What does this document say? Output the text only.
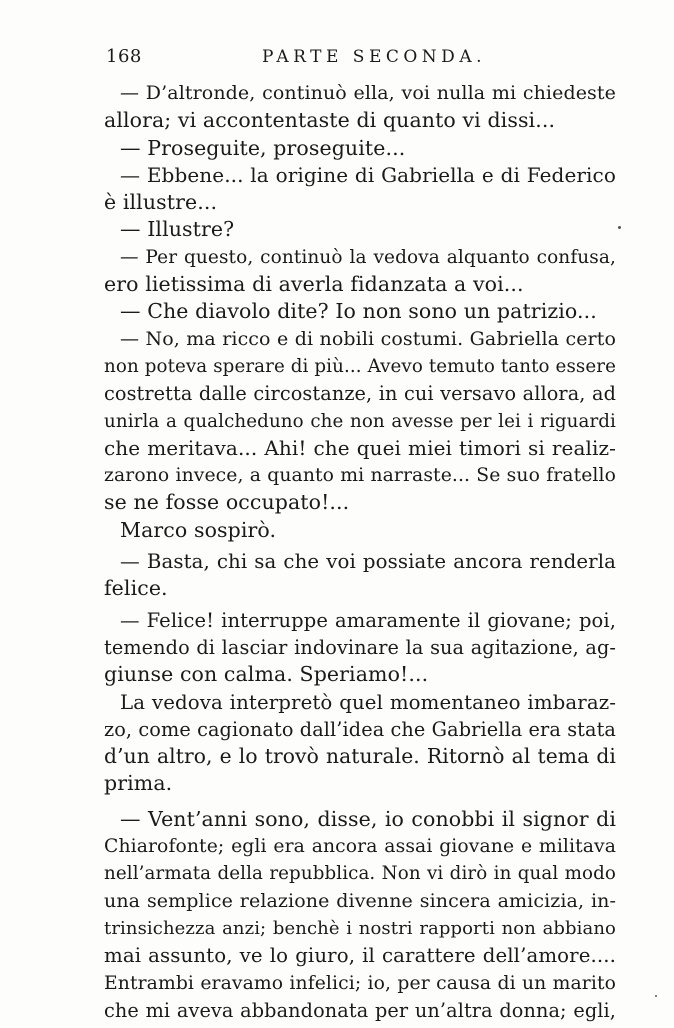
168	PARTE SECONDA.
— D’altronde, continuò ella, voi nulla mi chiedeste
allora; vi accontentaste di quanto vi dissi...
— Proseguite, proseguite...
— Ebbene... la origine di Gabriella e di Federico
è illustre...
— Illustre?
— Per questo, continuò la vedova alquanto confusa,
ero lietissima di averla fidanzata a voi...
— Che diavolo dite? Io non sono un patrizio...
— No, ma ricco e di nobili costumi. Gabriella certo
non poteva sperare di più... Avevo temuto tanto essere
costretta dalle circostanze, in cui versavo allora, ad
unirla a qualcheduno che non avesse per lei i riguardi
che meritava... Ahi! che quei miei timori si realiz-
zarono invece, a quanto mi narraste... Se suo fratello
se ne fosse occupato!...
Marco sospirò.
— Basta, chi sa che voi possiate ancora renderla
felice.
— Felice! interruppe amaramente il giovane; poi,
temendo di lasciar indovinare la sua agitazione, ag-
giunse con calma. Speriamo!...
La vedova interpretò quel momentaneo imbaraz-
zo, come cagionato dall’idea che Gabriella era stata
d’un altro, e lo trovò naturale. Ritornò al tema di
prima.
— Vent’anni sono, disse, io conobbi il signor di
Chiarofonte; egli era ancora assai giovane e militava
nell’armata della repubblica. Non vi dirò in qual modo
una semplice relazione divenne sincera amicizia, in-
trinsichezza anzi; benchè i nostri rapporti non abbiano
mai assunto, ve lo giuro, il carattere dell’amore....
Entrambi eravamo infelici; io, per causa di un marito
che mi aveva abbandonata per un’altra donna; egli,
